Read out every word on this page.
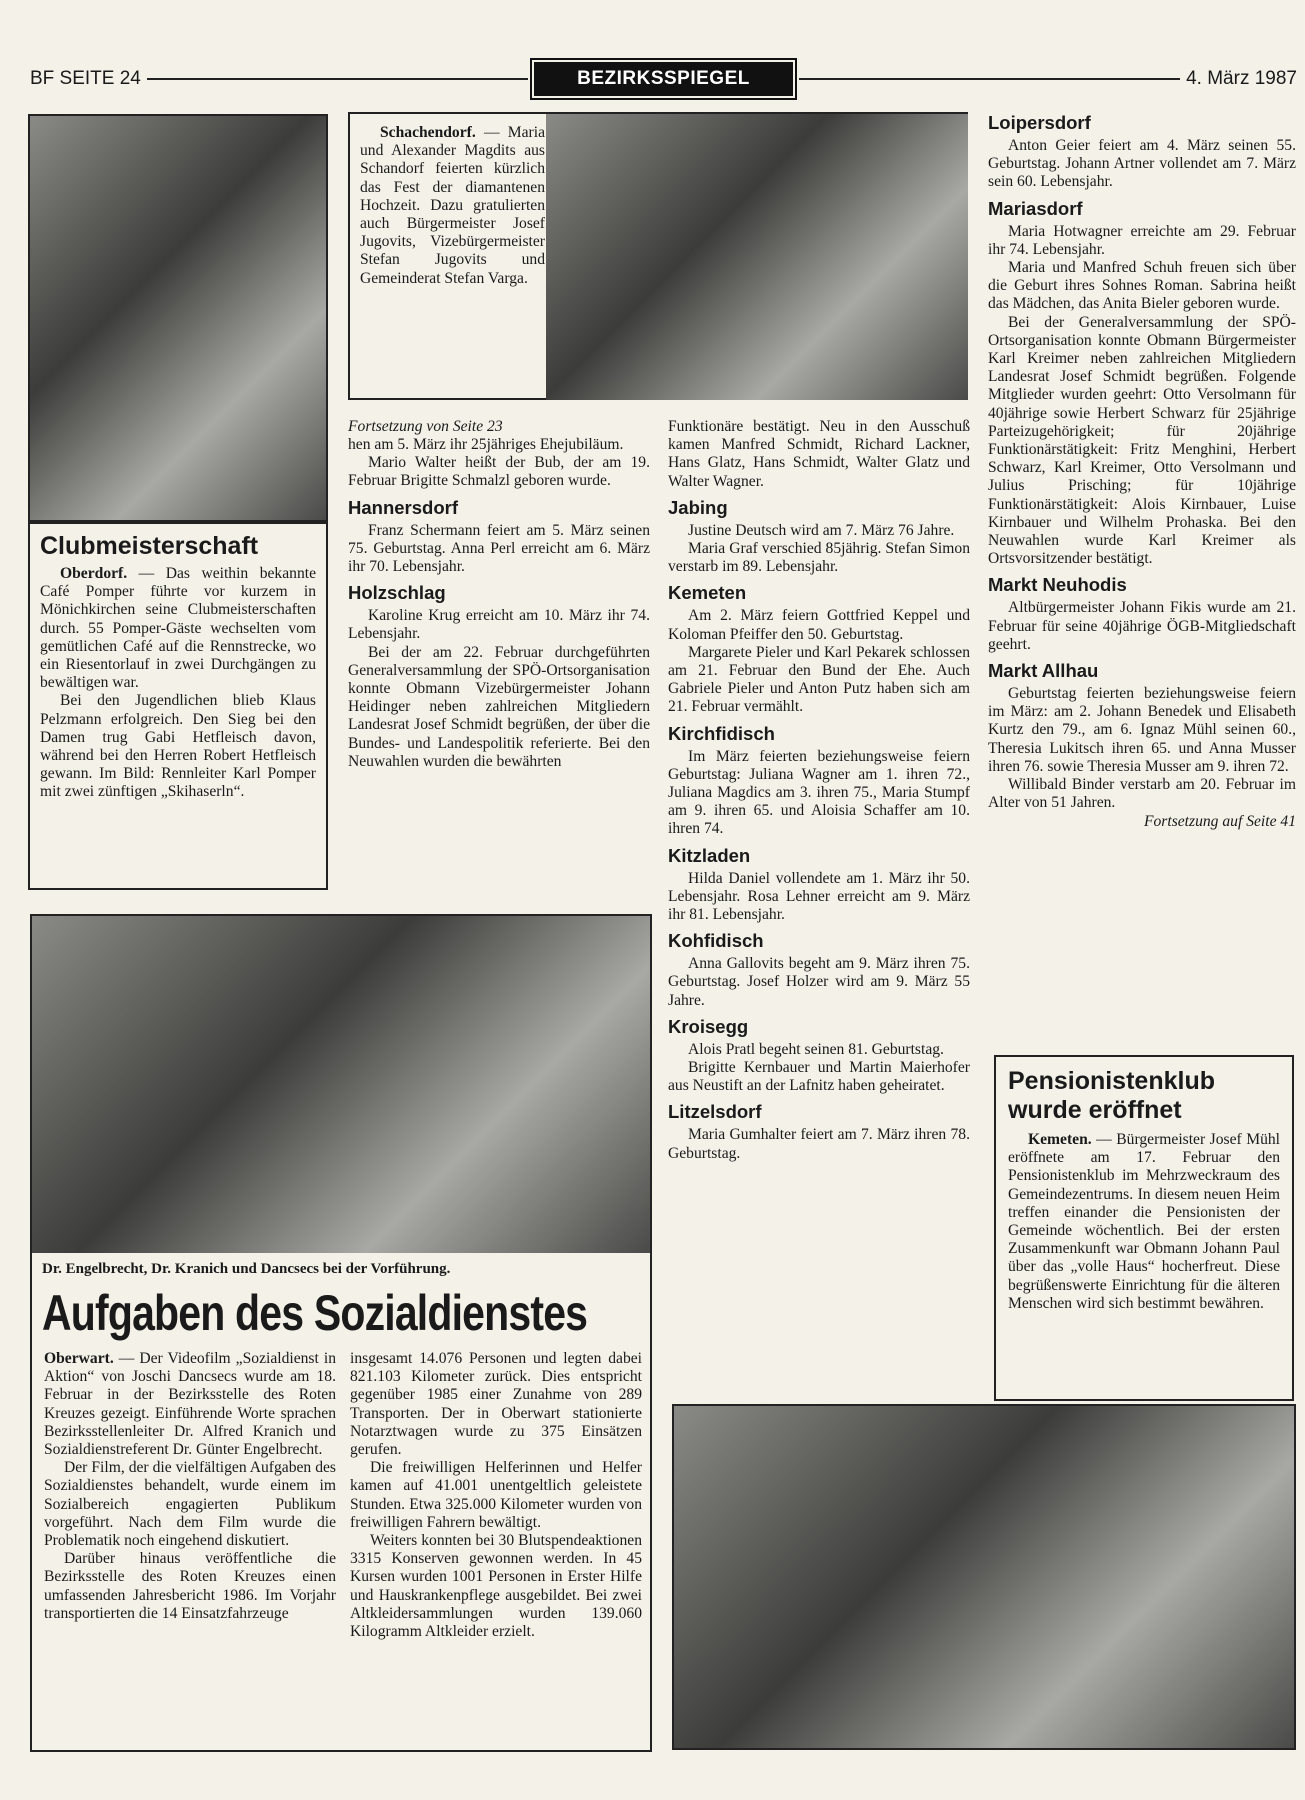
BF SEITE 24	BEZIRKSSPIEGEL	4. März 1987
Clubmeisterschaft

Oberdorf. — Das weithin bekannte Café Pomper führte vor kurzem in Mönichkirchen seine Clubmeisterschaften durch. 55 Pomper-Gäste wechselten vom gemütlichen Café auf die Rennstrecke, wo ein Riesentorlauf in zwei Durchgängen zu bewältigen war.

Bei den Jugendlichen blieb Klaus Pelzmann erfolgreich. Den Sieg bei den Damen trug Gabi Hetfleisch davon, während bei den Herren Robert Hetfleisch gewann. Im Bild: Rennleiter Karl Pomper mit zwei zünftigen „Skihaserln“.

Schachendorf. — Maria und Alexander Magdits aus Schandorf feierten kürzlich das Fest der diamantenen Hochzeit. Dazu gratulierten auch Bürgermeister Josef Jugovits, Vizebürgermeister Stefan Jugovits und Gemeinderat Stefan Varga.

Fortsetzung von Seite 23

hen am 5. März ihr 25jähriges Ehejubiläum.

Mario Walter heißt der Bub, der am 19. Februar Brigitte Schmalzl geboren wurde.

Hannersdorf

Franz Schermann feiert am 5. März seinen 75. Geburtstag. Anna Perl erreicht am 6. März ihr 70. Lebensjahr.

Holzschlag

Karoline Krug erreicht am 10. März ihr 74. Lebensjahr.

Bei der am 22. Februar durchgeführten Generalversammlung der SPÖ-Ortsorganisation konnte Obmann Vizebürgermeister Johann Heidinger neben zahlreichen Mitgliedern Landesrat Josef Schmidt begrüßen, der über die Bundes- und Landespolitik referierte. Bei den Neuwahlen wurden die bewährten

Funktionäre bestätigt. Neu in den Ausschuß kamen Manfred Schmidt, Richard Lackner, Hans Glatz, Hans Schmidt, Walter Glatz und Walter Wagner.

Jabing

Justine Deutsch wird am 7. März 76 Jahre.

Maria Graf verschied 85jährig. Stefan Simon verstarb im 89. Lebensjahr.

Kemeten

Am 2. März feiern Gottfried Keppel und Koloman Pfeiffer den 50. Geburtstag.

Margarete Pieler und Karl Pekarek schlossen am 21. Februar den Bund der Ehe. Auch Gabriele Pieler und Anton Putz haben sich am 21. Februar vermählt.

Kirchfidisch

Im März feierten beziehungsweise feiern Geburtstag: Juliana Wagner am 1. ihren 72., Juliana Magdics am 3. ihren 75., Maria Stumpf am 9. ihren 65. und Aloisia Schaffer am 10. ihren 74.

Kitzladen

Hilda Daniel vollendete am 1. März ihr 50. Lebensjahr. Rosa Lehner erreicht am 9. März ihr 81. Lebensjahr.

Kohfidisch

Anna Gallovits begeht am 9. März ihren 75. Geburtstag. Josef Holzer wird am 9. März 55 Jahre.

Kroisegg

Alois Pratl begeht seinen 81. Geburtstag.

Brigitte Kernbauer und Martin Maierhofer aus Neustift an der Lafnitz haben geheiratet.

Litzelsdorf

Maria Gumhalter feiert am 7. März ihren 78. Geburtstag.

Loipersdorf

Anton Geier feiert am 4. März seinen 55. Geburtstag. Johann Artner vollendet am 7. März sein 60. Lebensjahr.

Mariasdorf

Maria Hotwagner erreichte am 29. Februar ihr 74. Lebensjahr.

Maria und Manfred Schuh freuen sich über die Geburt ihres Sohnes Roman. Sabrina heißt das Mädchen, das Anita Bieler geboren wurde.

Bei der Generalversammlung der SPÖ-Ortsorganisation konnte Obmann Bürgermeister Karl Kreimer neben zahlreichen Mitgliedern Landesrat Josef Schmidt begrüßen. Folgende Mitglieder wurden geehrt: Otto Versolmann für 40jährige sowie Herbert Schwarz für 25jährige Parteizugehörigkeit; für 20jährige Funktionärstätigkeit: Fritz Menghini, Herbert Schwarz, Karl Kreimer, Otto Versolmann und Julius Prisching; für 10jährige Funktionärstätigkeit: Alois Kirnbauer, Luise Kirnbauer und Wilhelm Prohaska. Bei den Neuwahlen wurde Karl Kreimer als Ortsvorsitzender bestätigt.

Markt Neuhodis

Altbürgermeister Johann Fikis wurde am 21. Februar für seine 40jährige ÖGB-Mitgliedschaft geehrt.

Markt Allhau

Geburtstag feierten beziehungsweise feiern im März: am 2. Johann Benedek und Elisabeth Kurtz den 79., am 6. Ignaz Mühl seinen 60., Theresia Lukitsch ihren 65. und Anna Musser ihren 76. sowie Theresia Musser am 9. ihren 72.

Willibald Binder verstarb am 20. Februar im Alter von 51 Jahren.

Fortsetzung auf Seite 41
Pensionistenklub wurde eröffnet

Kemeten. — Bürgermeister Josef Mühl eröffnete am 17. Februar den Pensionistenklub im Mehrzweckraum des Gemeindezentrums. In diesem neuen Heim treffen einander die Pensionisten der Gemeinde wöchentlich. Bei der ersten Zusammenkunft war Obmann Johann Paul über das „volle Haus“ hocherfreut. Diese begrüßenswerte Einrichtung für die älteren Menschen wird sich bestimmt bewähren.

Dr. Engelbrecht, Dr. Kranich und Dancsecs bei der Vorführung.
Aufgaben des Sozialdienstes

Oberwart. — Der Videofilm „Sozialdienst in Aktion“ von Joschi Dancsecs wurde am 18. Februar in der Bezirksstelle des Roten Kreuzes gezeigt. Einführende Worte sprachen Bezirksstellenleiter Dr. Alfred Kranich und Sozialdienstreferent Dr. Günter Engelbrecht.

Der Film, der die vielfältigen Aufgaben des Sozialdienstes behandelt, wurde einem im Sozialbereich engagierten Publikum vorgeführt. Nach dem Film wurde die Problematik noch eingehend diskutiert.

Darüber hinaus veröffentliche die Bezirksstelle des Roten Kreuzes einen umfassenden Jahresbericht 1986. Im Vorjahr transportierten die 14 Einsatzfahrzeuge

insgesamt 14.076 Personen und legten dabei 821.103 Kilometer zurück. Dies entspricht gegenüber 1985 einer Zunahme von 289 Transporten. Der in Oberwart stationierte Notarztwagen wurde zu 375 Einsätzen gerufen.

Die freiwilligen Helferinnen und Helfer kamen auf 41.001 unentgeltlich geleistete Stunden. Etwa 325.000 Kilometer wurden von freiwilligen Fahrern bewältigt.

Weiters konnten bei 30 Blutspendeaktionen 3315 Konserven gewonnen werden. In 45 Kursen wurden 1001 Personen in Erster Hilfe und Hauskrankenpflege ausgebildet. Bei zwei Altkleidersammlungen wurden 139.060 Kilogramm Altkleider erzielt.
